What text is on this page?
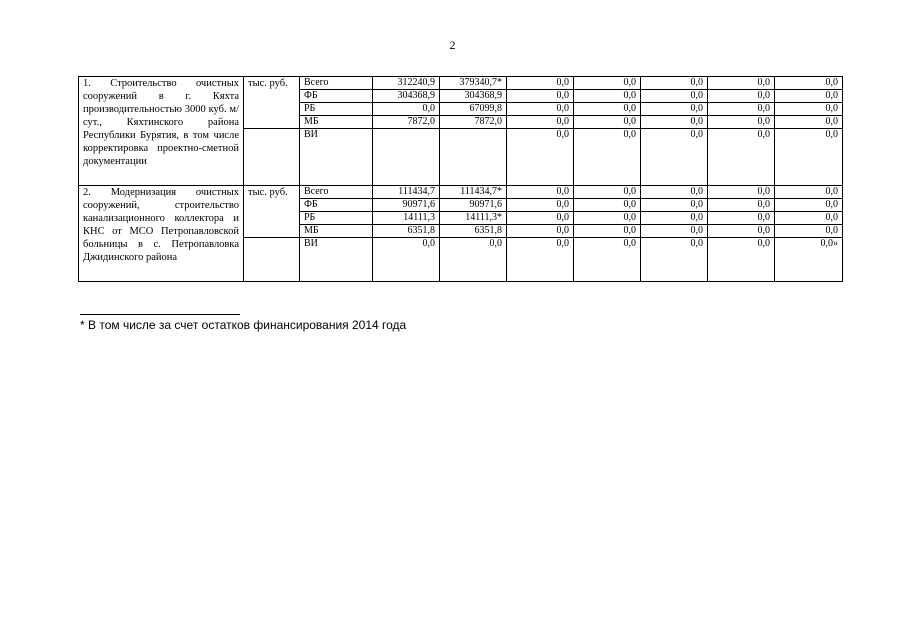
2
1. Строительство очистных сооружений в г. Кяхта производительностью 3000 куб. м/сут., Кяхтинского района Республики Бурятия, в том числе корректировка проектно-сметной документации	тыс. руб.	Всего	312240,9	379340,7*	0,0	0,0	0,0	0,0	0,0
		ФБ	304368,9	304368,9	0,0	0,0	0,0	0,0	0,0
		РБ	0,0	67099,8	0,0	0,0	0,0	0,0	0,0
		МБ	7872,0	7872,0	0,0	0,0	0,0	0,0	0,0
		ВИ			0,0	0,0	0,0	0,0	0,0
2. Модернизация очистных сооружений, строительство канализационного коллектора и КНС от МСО Петропавловской больницы в с. Петропавловка Джидинского района	тыс. руб.	Всего	111434,7	111434,7*	0,0	0,0	0,0	0,0	0,0
		ФБ	90971,6	90971,6	0,0	0,0	0,0	0,0	0,0
		РБ	14111,3	14111,3*	0,0	0,0	0,0	0,0	0,0
		МБ	6351,8	6351,8	0,0	0,0	0,0	0,0	0,0
		ВИ	0,0	0,0	0,0	0,0	0,0	0,0	0,0»
* В том числе за счет остатков финансирования 2014 года
